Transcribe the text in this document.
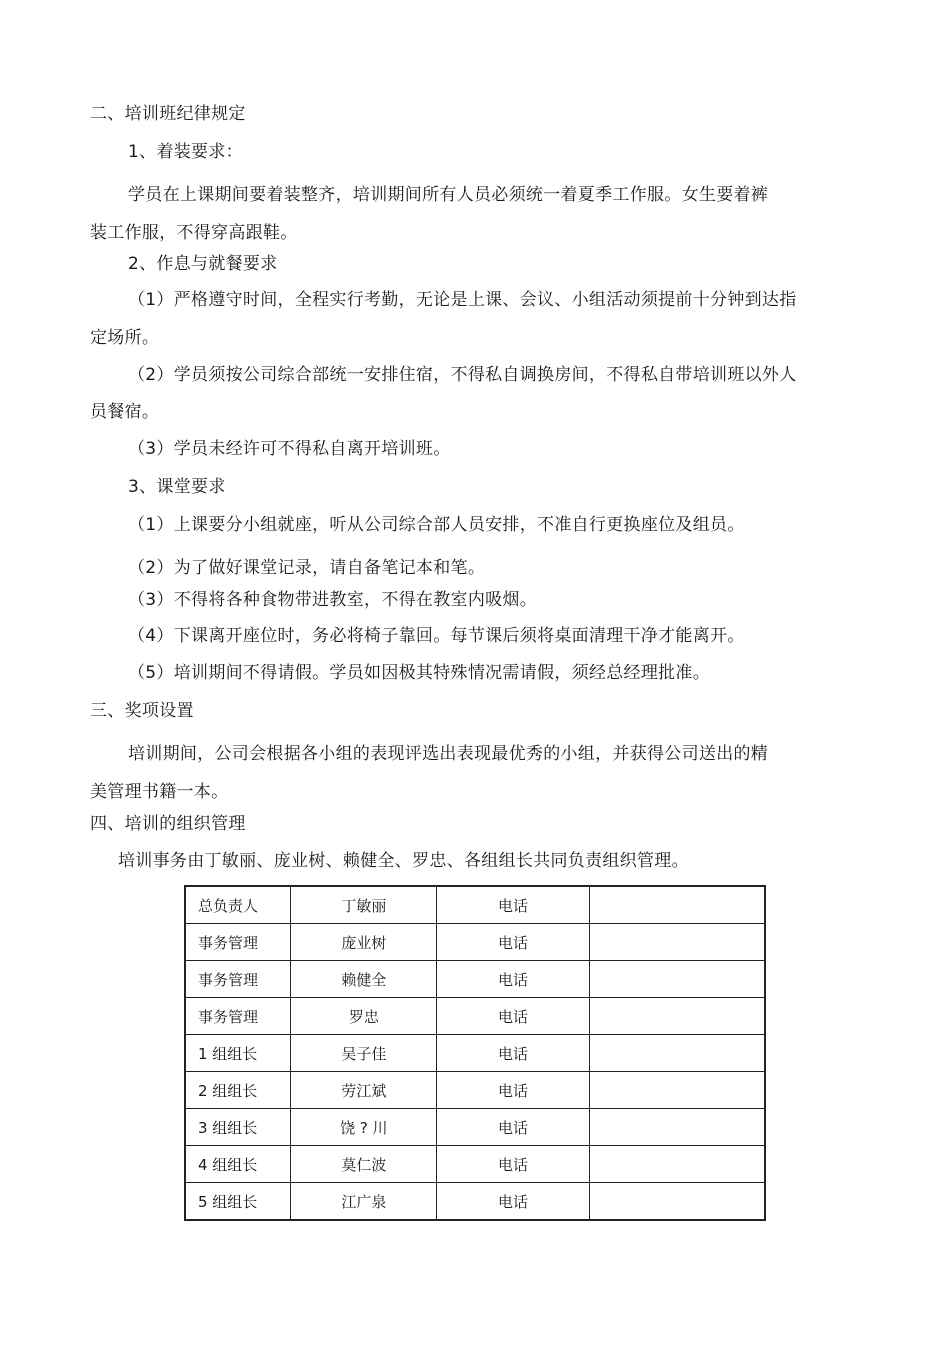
二、培训班纪律规定
1、着装要求：
学员在上课期间要着装整齐，培训期间所有人员必须统一着夏季工作服。女生要着裤
装工作服，不得穿高跟鞋。
2、作息与就餐要求
（1）严格遵守时间，全程实行考勤，无论是上课、会议、小组活动须提前十分钟到达指
定场所。
（2）学员须按公司综合部统一安排住宿，不得私自调换房间，不得私自带培训班以外人
员餐宿。
（3）学员未经许可不得私自离开培训班。
3、课堂要求
（1）上课要分小组就座，听从公司综合部人员安排，不准自行更换座位及组员。
（2）为了做好课堂记录，请自备笔记本和笔。
（3）不得将各种食物带进教室，不得在教室内吸烟。
（4）下课离开座位时，务必将椅子靠回。每节课后须将桌面清理干净才能离开。
（5）培训期间不得请假。学员如因极其特殊情况需请假，须经总经理批准。
三、奖项设置
培训期间，公司会根据各小组的表现评选出表现最优秀的小组，并获得公司送出的精
美管理书籍一本。
四、培训的组织管理
培训事务由丁敏丽、庞业树、赖健全、罗忠、各组组长共同负责组织管理。
总负责人	丁敏丽	电话	
事务管理	庞业树	电话	
事务管理	赖健全	电话	
事务管理	罗忠	电话	
1 组组长	吴子佳	电话	
2 组组长	劳江斌	电话	
3 组组长	饶 ? 川	电话	
4 组组长	莫仁波	电话	
5 组组长	江广泉	电话	
